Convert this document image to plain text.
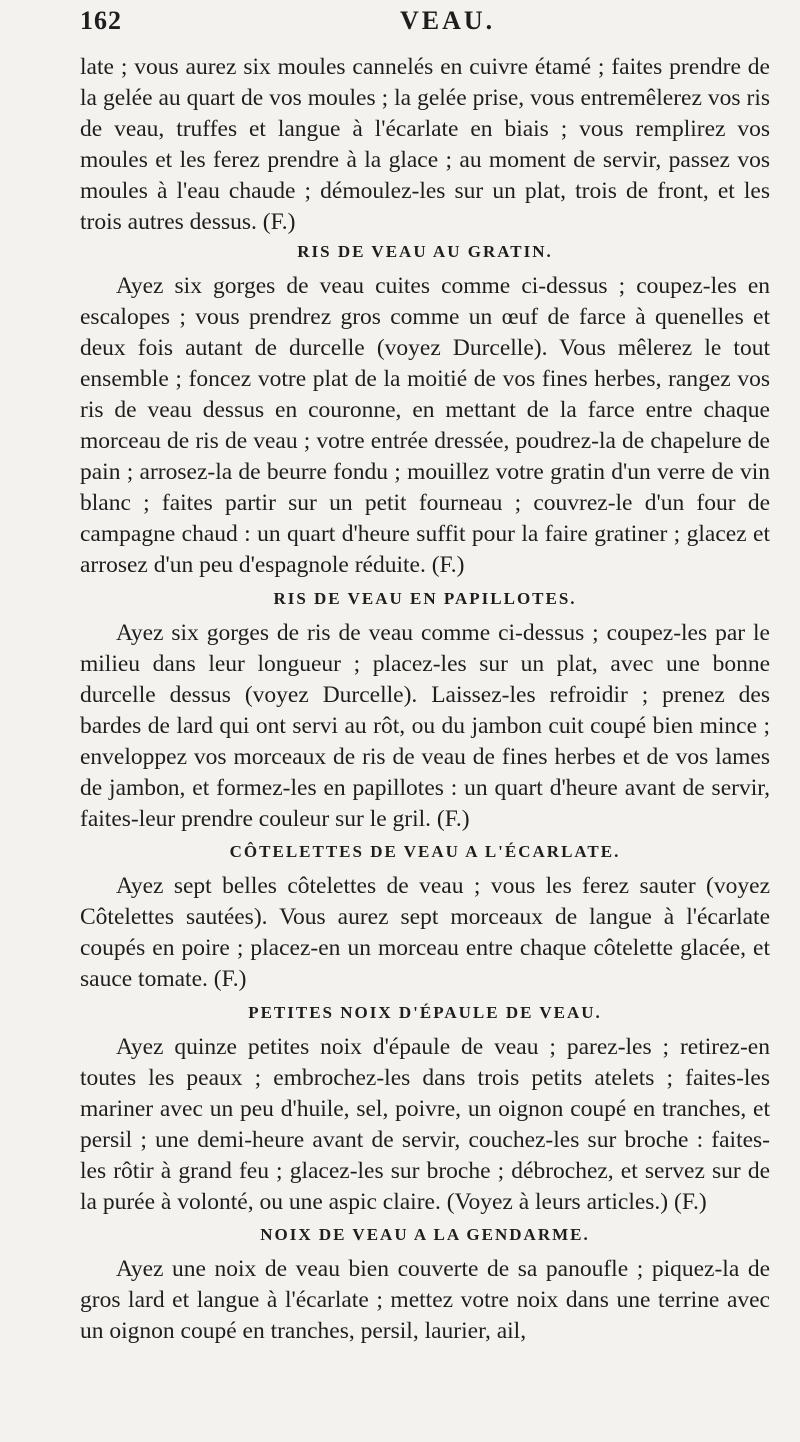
162	VEAU.

late ; vous aurez six moules cannelés en cuivre étamé ; faites prendre de la gelée au quart de vos moules ; la gelée prise, vous entremêlerez vos ris de veau, truffes et langue à l'écarlate en biais ; vous remplirez vos moules et les ferez prendre à la glace ; au moment de servir, passez vos moules à l'eau chaude ; démoulez-les sur un plat, trois de front, et les trois autres dessus. (F.)

RIS DE VEAU AU GRATIN.

Ayez six gorges de veau cuites comme ci-dessus ; coupez-les en escalopes ; vous prendrez gros comme un œuf de farce à quenelles et deux fois autant de durcelle (voyez Durcelle). Vous mêlerez le tout ensemble ; foncez votre plat de la moitié de vos fines herbes, rangez vos ris de veau dessus en couronne, en mettant de la farce entre chaque morceau de ris de veau ; votre entrée dressée, poudrez-la de chapelure de pain ; arrosez-la de beurre fondu ; mouillez votre gratin d'un verre de vin blanc ; faites partir sur un petit fourneau ; couvrez-le d'un four de campagne chaud : un quart d'heure suffit pour la faire gratiner ; glacez et arrosez d'un peu d'espagnole réduite. (F.)

RIS DE VEAU EN PAPILLOTES.

Ayez six gorges de ris de veau comme ci-dessus ; coupez-les par le milieu dans leur longueur ; placez-les sur un plat, avec une bonne durcelle dessus (voyez Durcelle). Laissez-les refroidir ; prenez des bardes de lard qui ont servi au rôt, ou du jambon cuit coupé bien mince ; enveloppez vos morceaux de ris de veau de fines herbes et de vos lames de jambon, et formez-les en papillotes : un quart d'heure avant de servir, faites-leur prendre couleur sur le gril. (F.)

CÔTELETTES DE VEAU A L'ÉCARLATE.

Ayez sept belles côtelettes de veau ; vous les ferez sauter (voyez Côtelettes sautées). Vous aurez sept morceaux de langue à l'écarlate coupés en poire ; placez-en un morceau entre chaque côtelette glacée, et sauce tomate. (F.)

PETITES NOIX D'ÉPAULE DE VEAU.

Ayez quinze petites noix d'épaule de veau ; parez-les ; retirez-en toutes les peaux ; embrochez-les dans trois petits atelets ; faites-les mariner avec un peu d'huile, sel, poivre, un oignon coupé en tranches, et persil ; une demi-heure avant de servir, couchez-les sur broche : faites-les rôtir à grand feu ; glacez-les sur broche ; débrochez, et servez sur de la purée à volonté, ou une aspic claire. (Voyez à leurs articles.) (F.)

NOIX DE VEAU A LA GENDARME.

Ayez une noix de veau bien couverte de sa panoufle ; piquez-la de gros lard et langue à l'écarlate ; mettez votre noix dans une terrine avec un oignon coupé en tranches, persil, laurier, ail,
